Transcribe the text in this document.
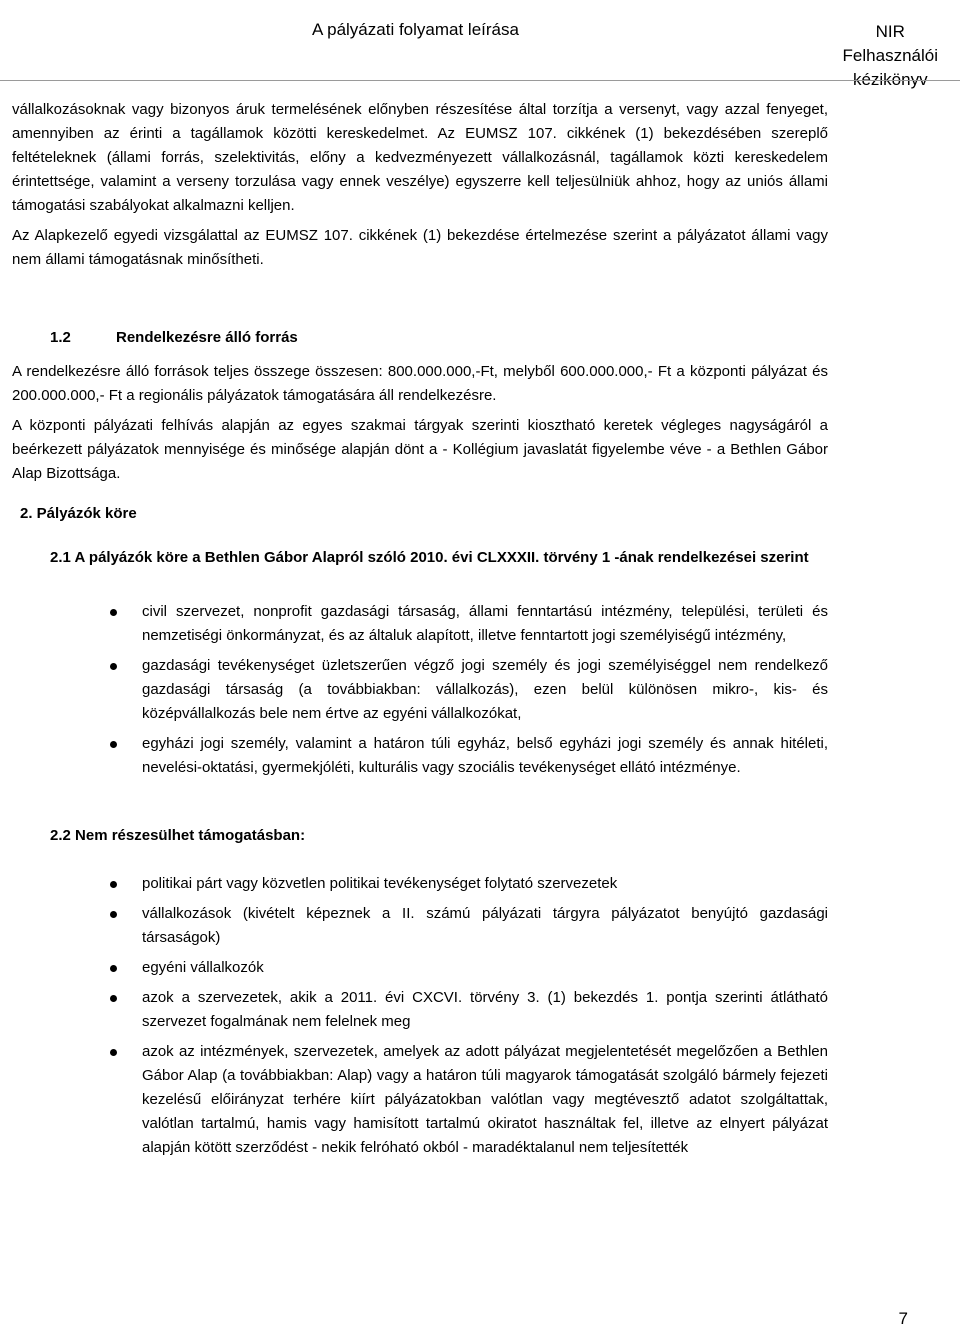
A pályázati folyamat leírása	NIR
Felhasználói
kézikönyv

vállalkozásoknak vagy bizonyos áruk termelésének előnyben részesítése által torzítja a versenyt, vagy azzal fenyeget, amennyiben az érinti a tagállamok közötti kereskedelmet. Az EUMSZ 107. cikkének (1) bekezdésében szereplő feltételeknek (állami forrás, szelektivitás, előny a kedvezményezett vállalkozásnál, tagállamok közti kereskedelem érintettsége, valamint a verseny torzulása vagy ennek veszélye) egyszerre kell teljesülniük ahhoz, hogy az uniós állami támogatási szabályokat alkalmazni kelljen.

Az Alapkezelő egyedi vizsgálattal az EUMSZ 107. cikkének (1) bekezdése értelmezése szerint a pályázatot állami vagy nem állami támogatásnak minősítheti.

1.2	Rendelkezésre álló forrás

A rendelkezésre álló források teljes összege összesen: 800.000.000,-Ft, melyből 600.000.000,- Ft a központi pályázat és 200.000.000,- Ft a regionális pályázatok támogatására áll rendelkezésre.

A központi pályázati felhívás alapján az egyes szakmai tárgyak szerinti kiosztható keretek végleges nagyságáról a beérkezett pályázatok mennyisége és minősége alapján dönt a - Kollégium javaslatát figyelembe véve - a Bethlen Gábor Alap Bizottsága.

2. Pályázók köre
2.1 A pályázók köre a Bethlen Gábor Alapról szóló 2010. évi CLXXXII. törvény 1 -ának rendelkezései szerint
civil szervezet, nonprofit gazdasági társaság, állami fenntartású intézmény, települési, területi és nemzetiségi önkormányzat, és az általuk alapított, illetve fenntartott jogi személyiségű intézmény,
gazdasági tevékenységet üzletszerűen végző jogi személy és jogi személyiséggel nem rendelkező gazdasági társaság (a továbbiakban: vállalkozás), ezen belül különösen mikro-, kis- és középvállalkozás bele nem értve az egyéni vállalkozókat,
egyházi jogi személy, valamint a határon túli egyház, belső egyházi jogi személy és annak hitéleti, nevelési-oktatási, gyermekjóléti, kulturális vagy szociális tevékenységet ellátó intézménye.
2.2 Nem részesülhet támogatásban:
politikai párt vagy közvetlen politikai tevékenységet folytató szervezetek
vállalkozások (kivételt képeznek a II. számú pályázati tárgyra pályázatot benyújtó gazdasági társaságok)
egyéni vállalkozók
azok a szervezetek, akik a 2011. évi CXCVI. törvény 3. (1) bekezdés 1. pontja szerinti átlátható szervezet fogalmának nem felelnek meg
azok az intézmények, szervezetek, amelyek az adott pályázat megjelentetését megelőzően a Bethlen Gábor Alap (a továbbiakban: Alap) vagy a határon túli magyarok támogatását szolgáló bármely fejezeti kezelésű előirányzat terhére kiírt pályázatokban valótlan vagy megtévesztő adatot szolgáltattak, valótlan tartalmú, hamis vagy hamisított tartalmú okiratot használtak fel, illetve az elnyert pályázat alapján kötött szerződést - nekik felróható okból - maradéktalanul nem teljesítették
7
